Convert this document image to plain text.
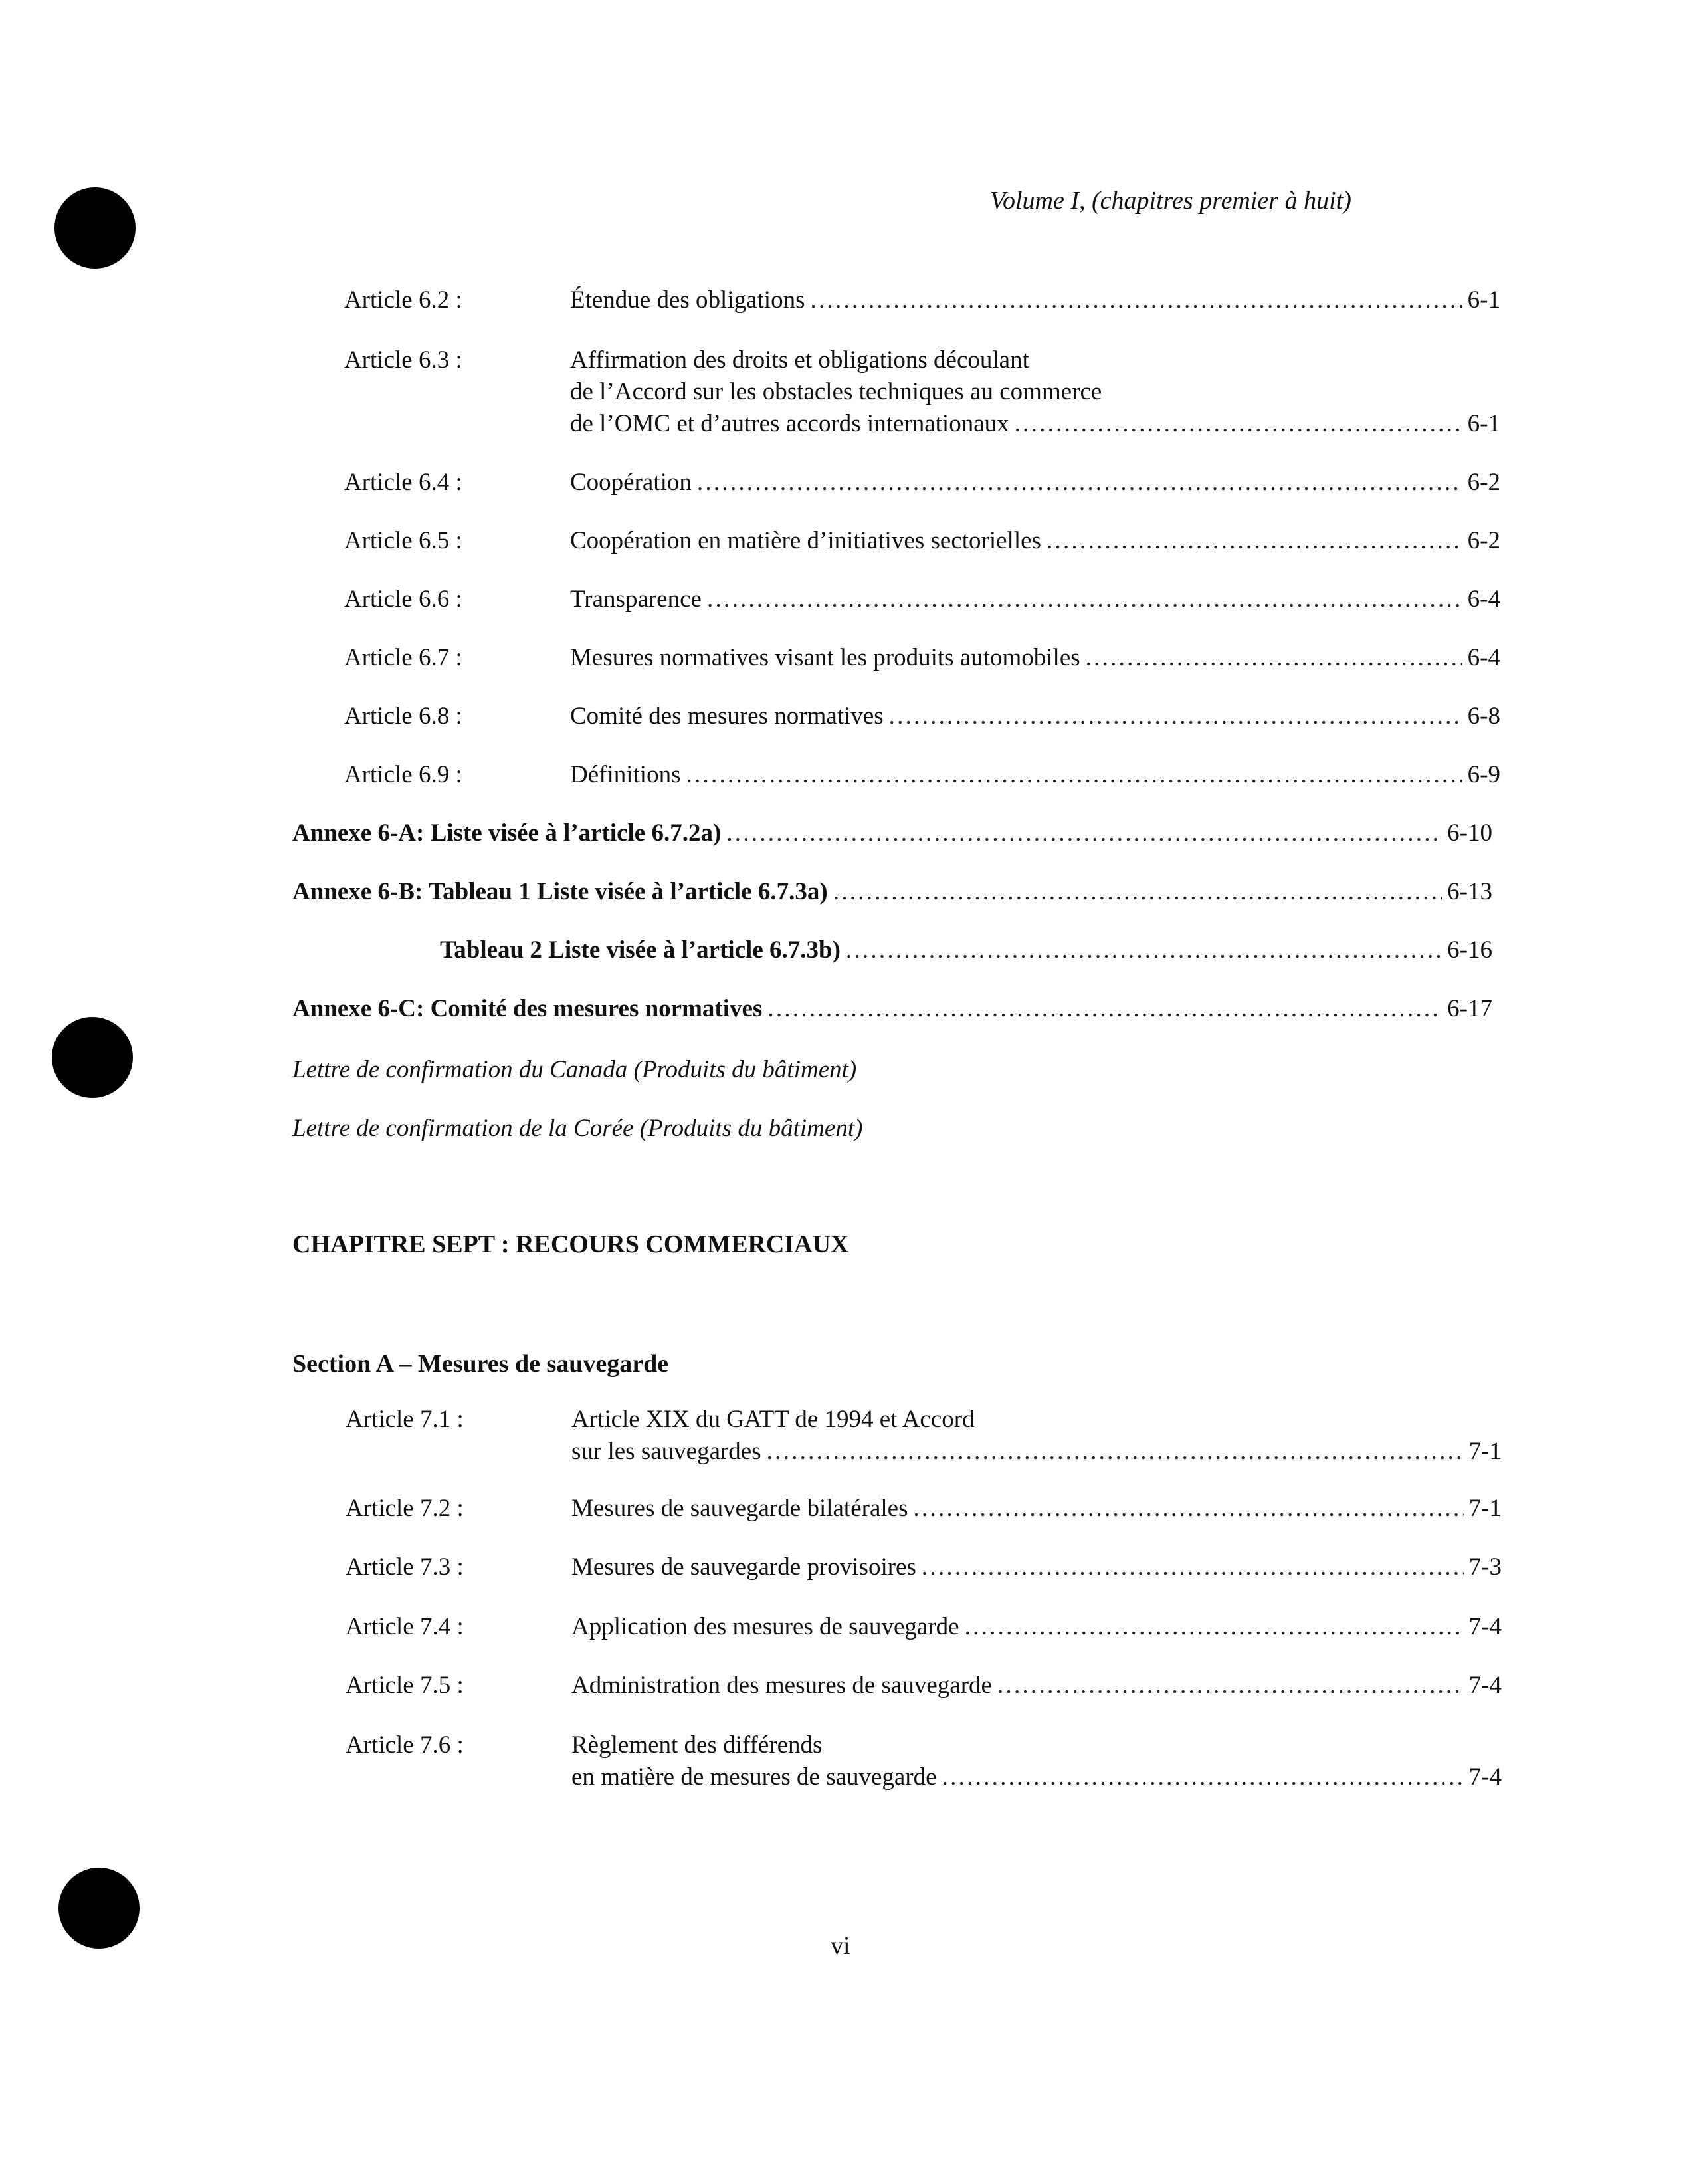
Volume I, (chapitres premier à huit)
Article 6.2 :	Étendue des obligations . . .	6-1
Article 6.3 :	Affirmation des droits et obligations découlant
de l’Accord sur les obstacles techniques au commerce
de l’OMC et d’autres accords internationaux . . .	6-1
Article 6.4 :	Coopération . . .	6-2
Article 6.5 :	Coopération en matière d’initiatives sectorielles . . .	6-2
Article 6.6 :	Transparence . . .	6-4
Article 6.7 :	Mesures normatives visant les produits automobiles . . .	6-4
Article 6.8 :	Comité des mesures normatives . . .	6-8
Article 6.9 :	Définitions . . .	6-9
Annexe 6-A: Liste visée à l’article 6.7.2a) . . .	6-10
Annexe 6-B: Tableau 1 Liste visée à l’article 6.7.3a) . . .	6-13
Tableau 2 Liste visée à l’article 6.7.3b) . . .	6-16
Annexe 6-C: Comité des mesures normatives . . .	6-17
Lettre de confirmation du Canada (Produits du bâtiment)
Lettre de confirmation de la Corée (Produits du bâtiment)
Article 7.1 :	Article XIX du GATT de 1994 et Accord
sur les sauvegardes . . .	7-1
Article 7.2 :	Mesures de sauvegarde bilatérales . . .	7-1
Article 7.3 :	Mesures de sauvegarde provisoires . . .	7-3
Article 7.4 :	Application des mesures de sauvegarde . . .	7-4
Article 7.5 :	Administration des mesures de sauvegarde . . .	7-4
Article 7.6 :	Règlement des différends
en matière de mesures de sauvegarde . . .	7-4
CHAPITRE SEPT : RECOURS COMMERCIAUX
Section A – Mesures de sauvegarde
vi
